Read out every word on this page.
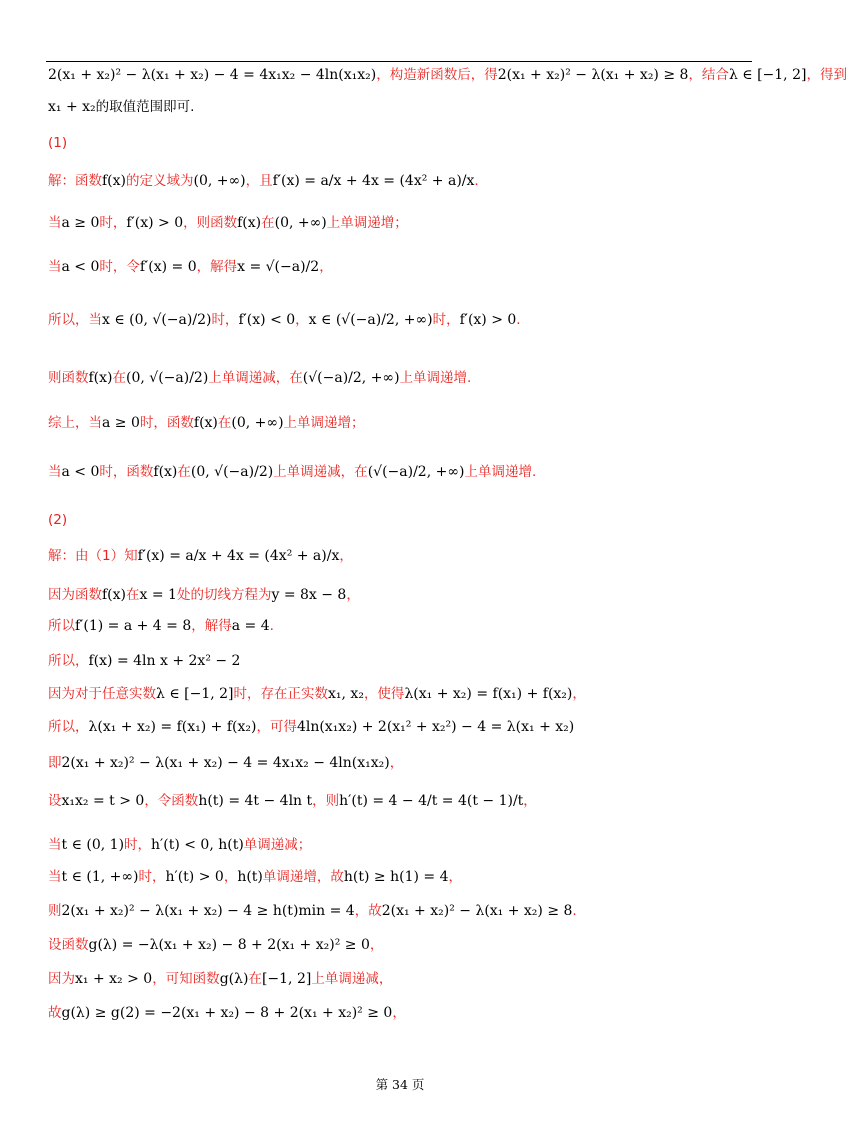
2(x₁ + x₂)² − λ(x₁ + x₂) − 4 = 4x₁x₂ − 4ln(x₁x₂) ，构造新函数后，得 2(x₁ + x₂)² − λ(x₁ + x₂) ≥ 8 ，结合 λ ∈ [−1, 2] ，得到
x₁ + x₂ 的取值范围即可.
(1)
解：函数 f(x) 的定义域为 (0, +∞) ，且 f′(x) = a/x + 4x = (4x² + a)/x .
当 a ≥ 0 时， f′(x) > 0 ，则函数 f(x) 在 (0, +∞) 上单调递增；
当 a < 0 时，令 f′(x) = 0 ，解得 x = √(−a)/2 ，
所以，当 x ∈ (0, √(−a)/2) 时， f′(x) < 0 ， x ∈ (√(−a)/2, +∞) 时， f′(x) > 0 .
则函数 f(x) 在 (0, √(−a)/2) 上单调递减，在 (√(−a)/2, +∞) 上单调递增.
综上，当 a ≥ 0 时，函数 f(x) 在 (0, +∞) 上单调递增；
当 a < 0 时，函数 f(x) 在 (0, √(−a)/2) 上单调递减，在 (√(−a)/2, +∞) 上单调递增.
(2)
解：由（1）知 f′(x) = a/x + 4x = (4x² + a)/x ，
因为函数 f(x) 在 x = 1 处的切线方程为 y = 8x − 8 ，
所以 f′(1) = a + 4 = 8 ，解得 a = 4 .
所以， f(x) = 4ln x + 2x² − 2
因为对于任意实数 λ ∈ [−1, 2] 时，存在正实数 x₁, x₂ ，使得 λ(x₁ + x₂) = f(x₁) + f(x₂) ，
所以， λ(x₁ + x₂) = f(x₁) + f(x₂) ，可得 4ln(x₁x₂) + 2(x₁² + x₂²) − 4 = λ(x₁ + x₂)
即 2(x₁ + x₂)² − λ(x₁ + x₂) − 4 = 4x₁x₂ − 4ln(x₁x₂) ，
设 x₁x₂ = t > 0 ，令函数 h(t) = 4t − 4ln t ，则 h′(t) = 4 − 4/t = 4(t − 1)/t ，
当 t ∈ (0, 1) 时， h′(t) < 0, h(t) 单调递减；
当 t ∈ (1, +∞) 时， h′(t) > 0 ， h(t) 单调递增，故 h(t) ≥ h(1) = 4 ，
则 2(x₁ + x₂)² − λ(x₁ + x₂) − 4 ≥ h(t)min = 4 ，故 2(x₁ + x₂)² − λ(x₁ + x₂) ≥ 8 .
设函数 g(λ) = −λ(x₁ + x₂) − 8 + 2(x₁ + x₂)² ≥ 0 ，
因为 x₁ + x₂ > 0 ，可知函数 g(λ) 在 [−1, 2] 上单调递减，
故 g(λ) ≥ g(2) = −2(x₁ + x₂) − 8 + 2(x₁ + x₂)² ≥ 0 ，
第 34 页
